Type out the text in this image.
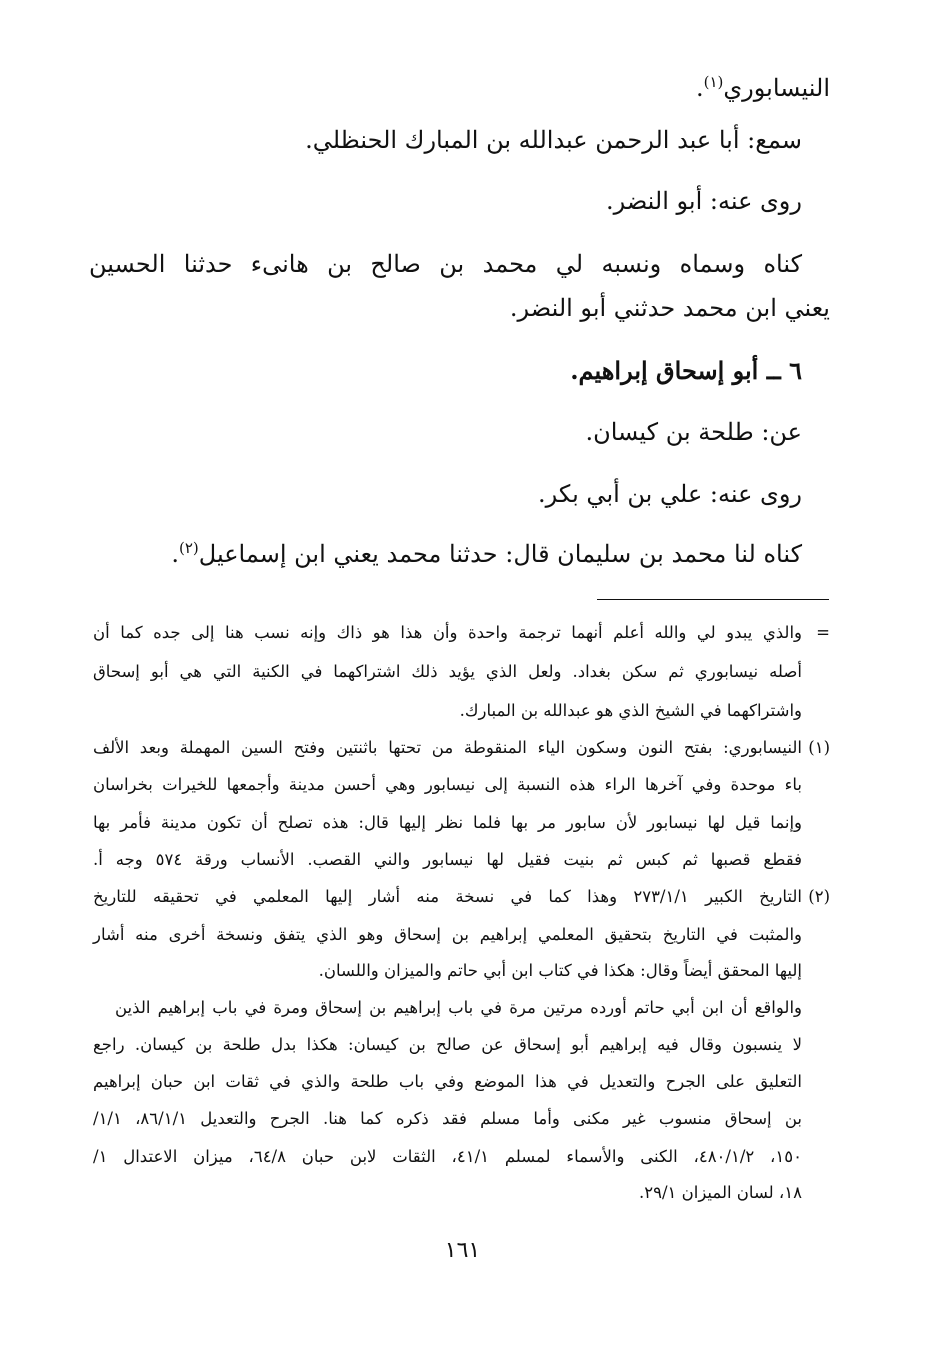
النيسابوري$^{(١)}$.
سمع: أبا عبد الرحمن عبدالله بن المبارك الحنظلي.
روى عنه: أبو النضر.
كناه وسماه ونسبه لي محمد بن صالح بن هانىء حدثنا الحسين
يعني ابن محمد حدثني أبو النضر.
٦ ــ أبو إسحاق إبراهيم.
عن: طلحة بن كيسان.
روى عنه: علي بن أبي بكر.
كناه لنا محمد بن سليمان قال: حدثنا محمد يعني ابن إسماعيل$^{(٢)}$.
=
والذي يبدو لي والله أعلم أنهما ترجمة واحدة وأن هذا هو ذاك وإنه نسب هنا إلى جده كما أن
أصله نيسابوري ثم سكن بغداد. ولعل الذي يؤيد ذلك اشتراكهما في الكنية التي هي أبو إسحاق
واشتراكهما في الشيخ الذي هو عبدالله بن المبارك.
(١)
النيسابوري: بفتح النون وسكون الياء المنقوطة من تحتها باثنتين وفتح السين المهملة وبعد الألف
باء موحدة وفي آخرها الراء هذه النسبة إلى نيسابور وهي أحسن مدينة وأجمعها للخيرات بخراسان
وإنما قيل لها نيسابور لأن سابور مر بها فلما نظر إليها قال: هذه تصلح أن تكون مدينة فأمر بها
فقطع قصبها ثم كبس ثم بنيت فقيل لها نيسابور والني القصب. الأنساب ورقة ٥٧٤ وجه أ.
(٢)
التاريخ الكبير ٢٧٣/١/١ وهذا كما في نسخة منه أشار إليها المعلمي في تحقيقه للتاريخ
والمثبت في التاريخ بتحقيق المعلمي إبراهيم بن إسحاق وهو الذي يتفق ونسخة أخرى منه أشار
إليها المحقق أيضاً وقال: هكذا في كتاب ابن أبي حاتم والميزان واللسان.
والواقع أن ابن أبي حاتم أورده مرتين مرة في باب إبراهيم بن إسحاق ومرة في باب إبراهيم الذين
لا ينسبون وقال فيه إبراهيم أبو إسحاق عن صالح بن كيسان: هكذا بدل طلحة بن كيسان. راجع
التعليق على الجرح والتعديل في هذا الموضع وفي باب طلحة والذي في ثقات ابن حبان إبراهيم
بن إسحاق منسوب غير مكنى وأما مسلم فقد ذكره كما هنا. الجرح والتعديل ٨٦/١/١، ١/١/
١٥٠، ٤٨٠/١/٢، الكنى والأسماء لمسلم ٤١/١، الثقات لابن حبان ٦٤/٨، ميزان الاعتدال ١/
١٨، لسان الميزان ٢٩/١.
١٦١
